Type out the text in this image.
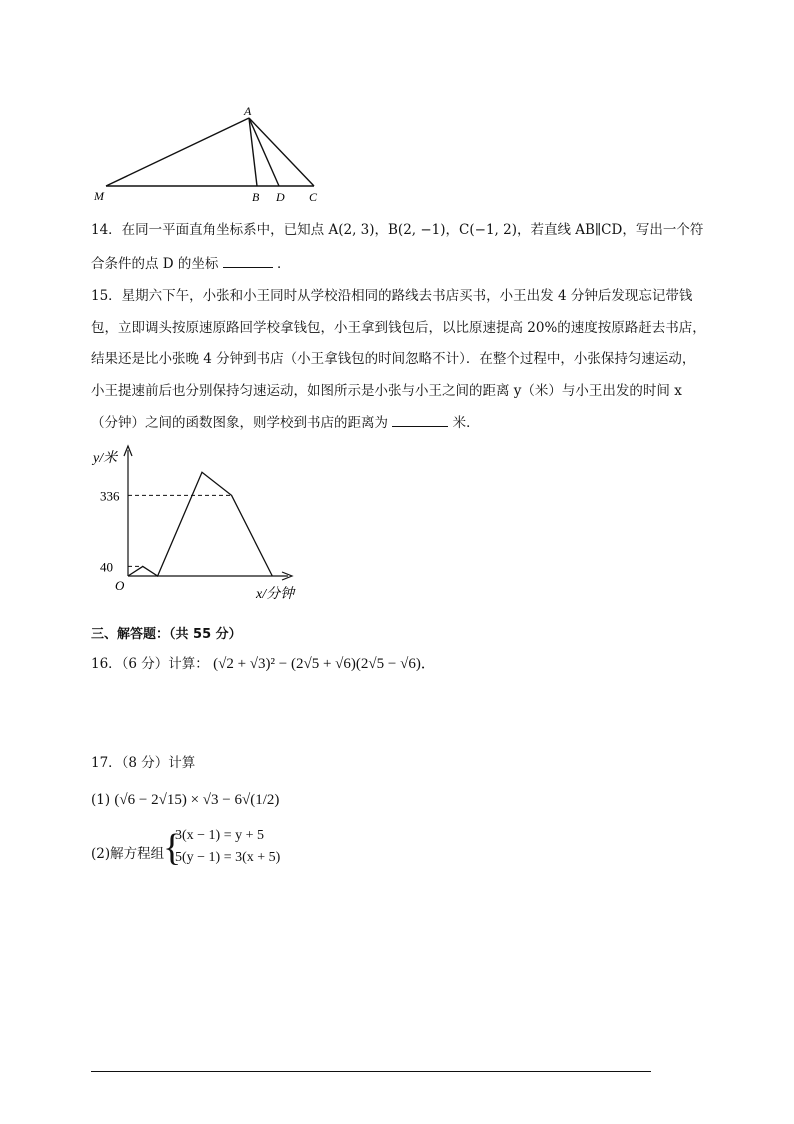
A
M	B D C
14．在同一平面直角坐标系中，已知点 A(2, 3)，B(2, −1)，C(−1, 2)，若直线 AB∥CD，写出一个符
合条件的点 D 的坐标	．
15．星期六下午，小张和小王同时从学校沿相同的路线去书店买书，小王出发 4 分钟后发现忘记带钱
包，立即调头按原速原路回学校拿钱包，小王拿到钱包后，以比原速提高 20%的速度按原路赶去书店，
结果还是比小张晚 4 分钟到书店（小王拿钱包的时间忽略不计）．在整个过程中，小张保持匀速运动，
小王提速前后也分别保持匀速运动，如图所示是小张与小王之间的距离 y（米）与小王出发的时间 x
（分钟）之间的函数图象，则学校到书店的距离为	米．
40
336
y/米
x/分钟
O
三、解答题：（共 55 分）
16．（6 分）计算： (√2 + √3)² − (2√5 + √6)(2√5 − √6)．
17．（8 分）计算
(1) (√6 − 2√15) × √3 − 6√(1/2)
(2)解方程组
{
3(x − 1) = y + 5
5(y − 1) = 3(x + 5)
